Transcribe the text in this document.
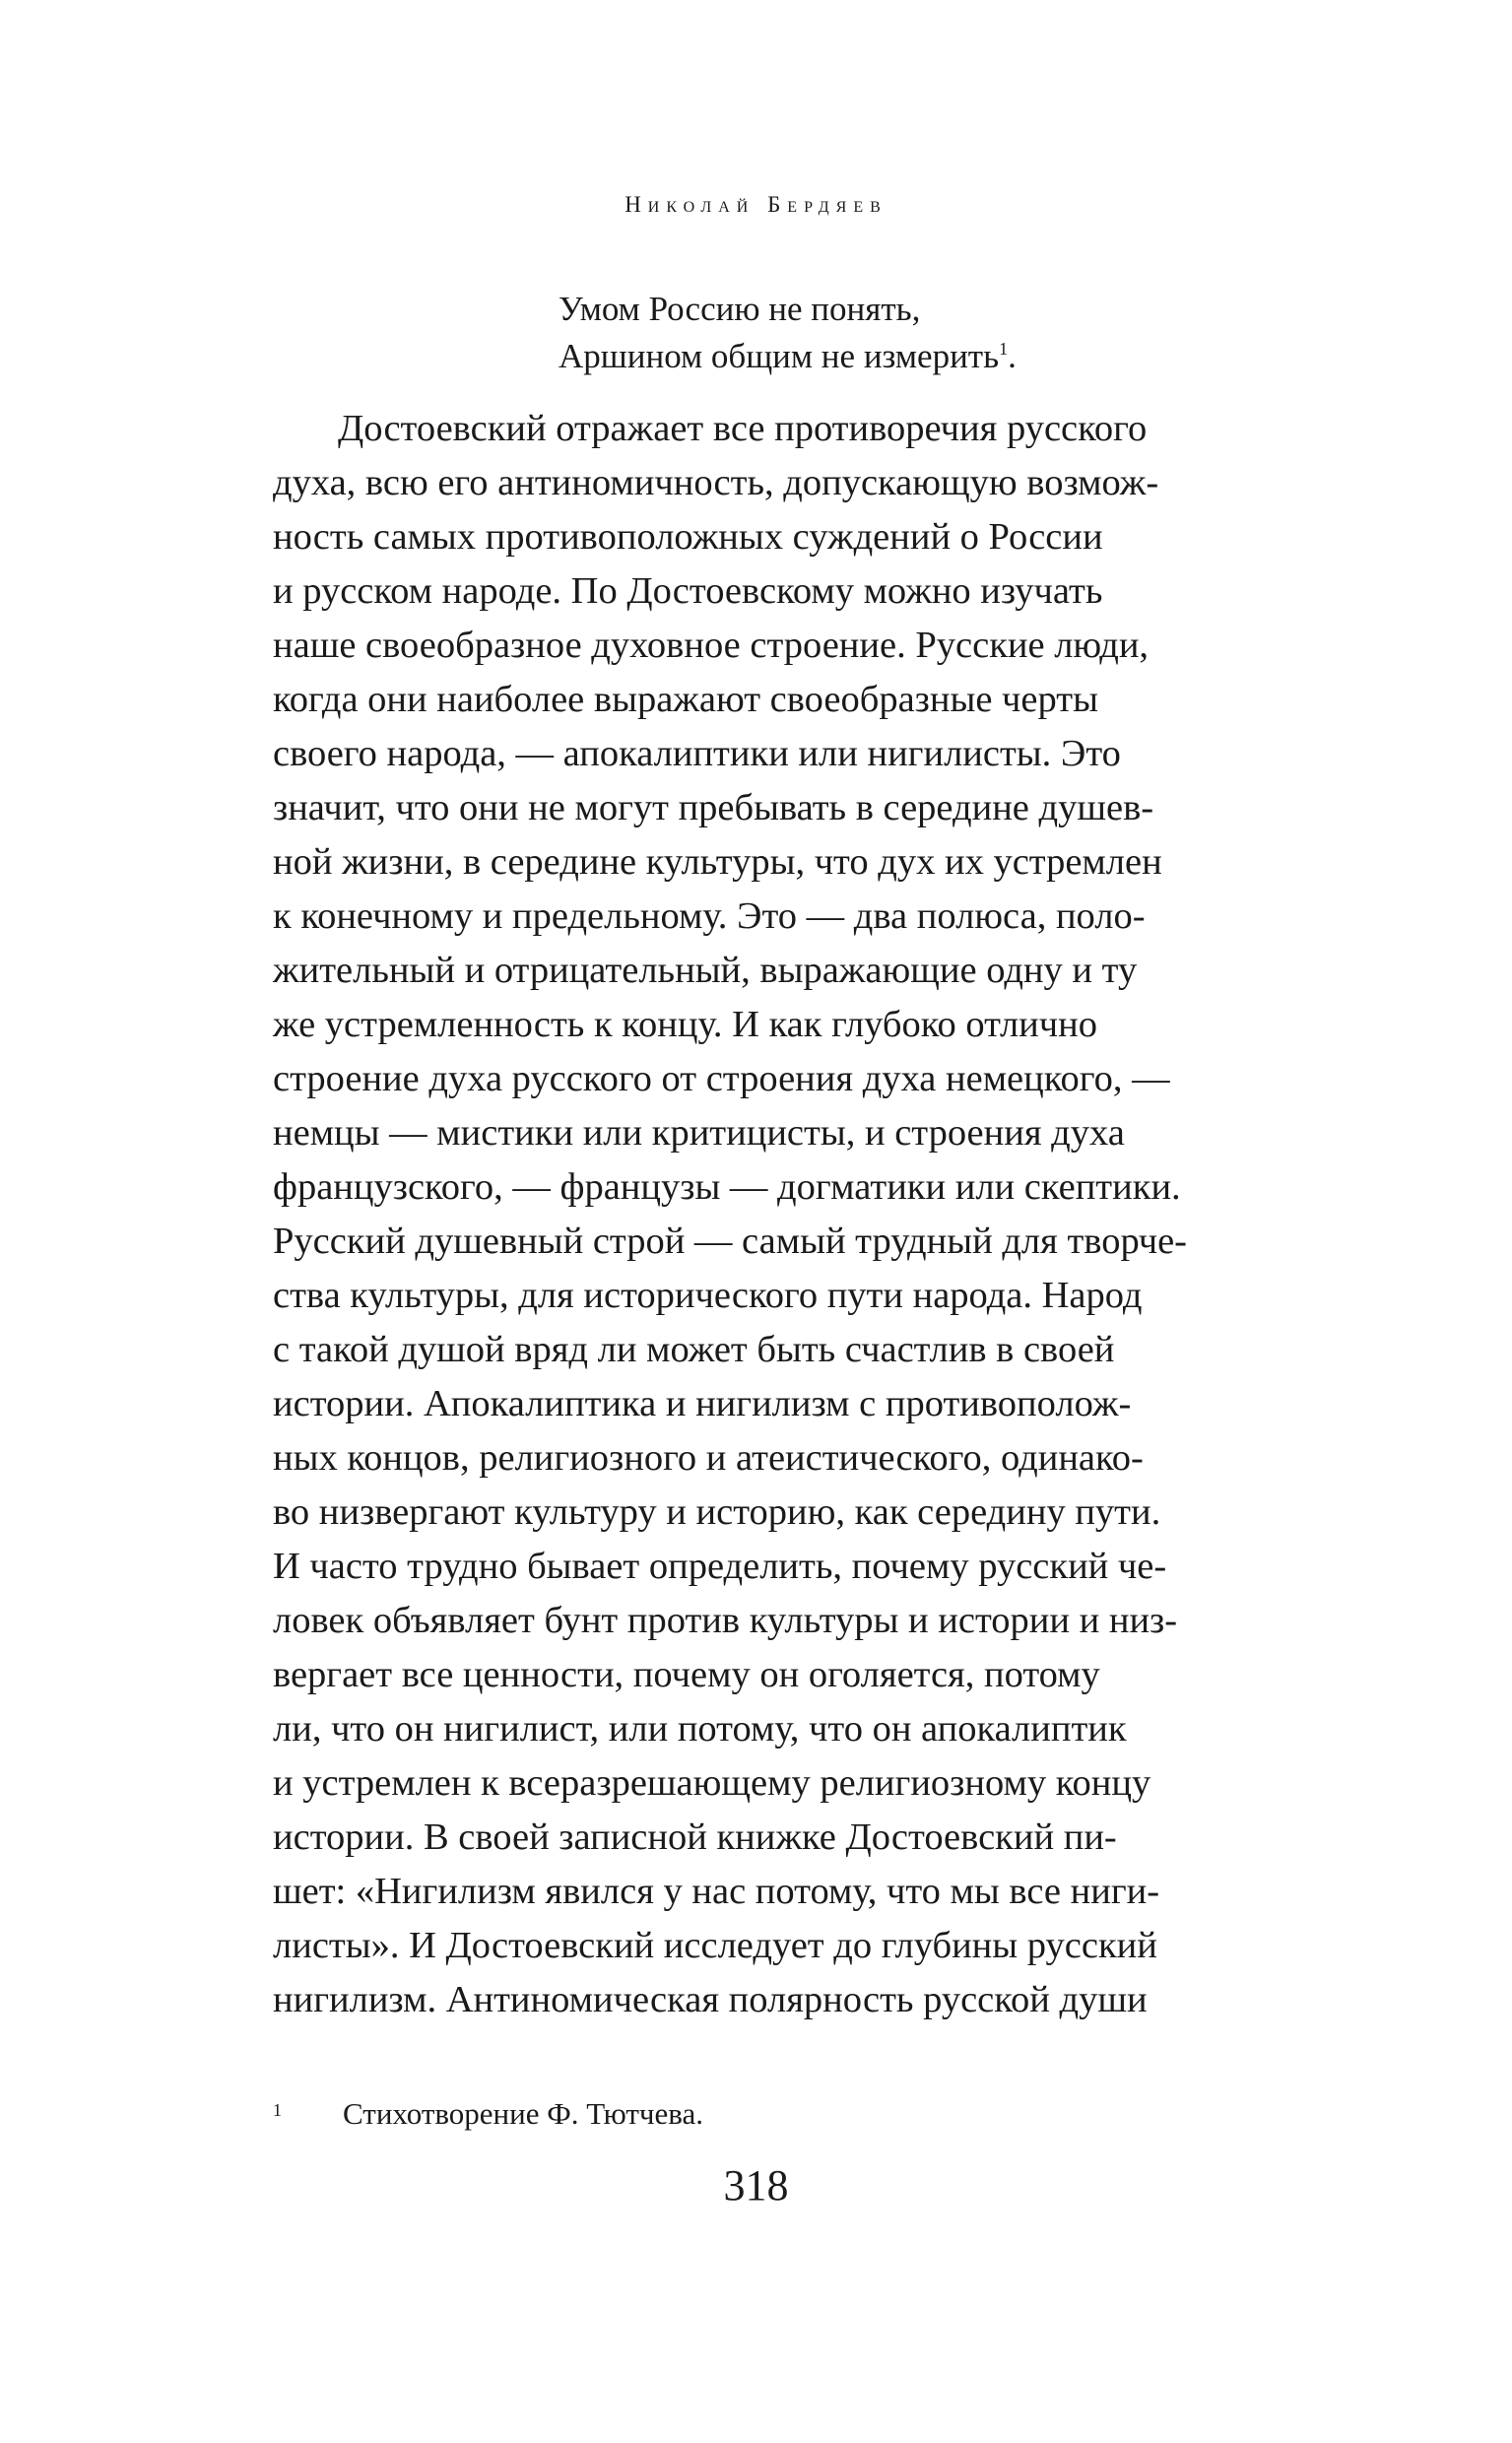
Николай Бердяев
Умом Россию не понять,
Аршином общим не измерить$^1$.
Достоевский отражает все противоречия русского
духа, всю его антиномичность, допускающую возмож-
ность самых противоположных суждений о России
и русском народе. По Достоевскому можно изучать
наше своеобразное духовное строение. Русские люди,
когда они наиболее выражают своеобразные черты
своего народа, — апокалиптики или нигилисты. Это
значит, что они не могут пребывать в середине душев-
ной жизни, в середине культуры, что дух их устремлен
к конечному и предельному. Это — два полюса, поло-
жительный и отрицательный, выражающие одну и ту
же устремленность к концу. И как глубоко отлично
строение духа русского от строения духа немецкого, —
немцы — мистики или критицисты, и строения духа
французского, — французы — догматики или скептики.
Русский душевный строй — самый трудный для творче-
ства культуры, для исторического пути народа. Народ
с такой душой вряд ли может быть счастлив в своей
истории. Апокалиптика и нигилизм с противополож-
ных концов, религиозного и атеистического, одинако-
во низвергают культуру и историю, как середину пути.
И часто трудно бывает определить, почему русский че-
ловек объявляет бунт против культуры и истории и низ-
вергает все ценности, почему он оголяется, потому
ли, что он нигилист, или потому, что он апокалиптик
и устремлен к всеразрешающему религиозному концу
истории. В своей записной книжке Достоевский пи-
шет: «Нигилизм явился у нас потому, что мы все ниги-
листы». И Достоевский исследует до глубины русский
нигилизм. Антиномическая полярность русской души
1 Стихотворение Ф. Тютчева.
318
